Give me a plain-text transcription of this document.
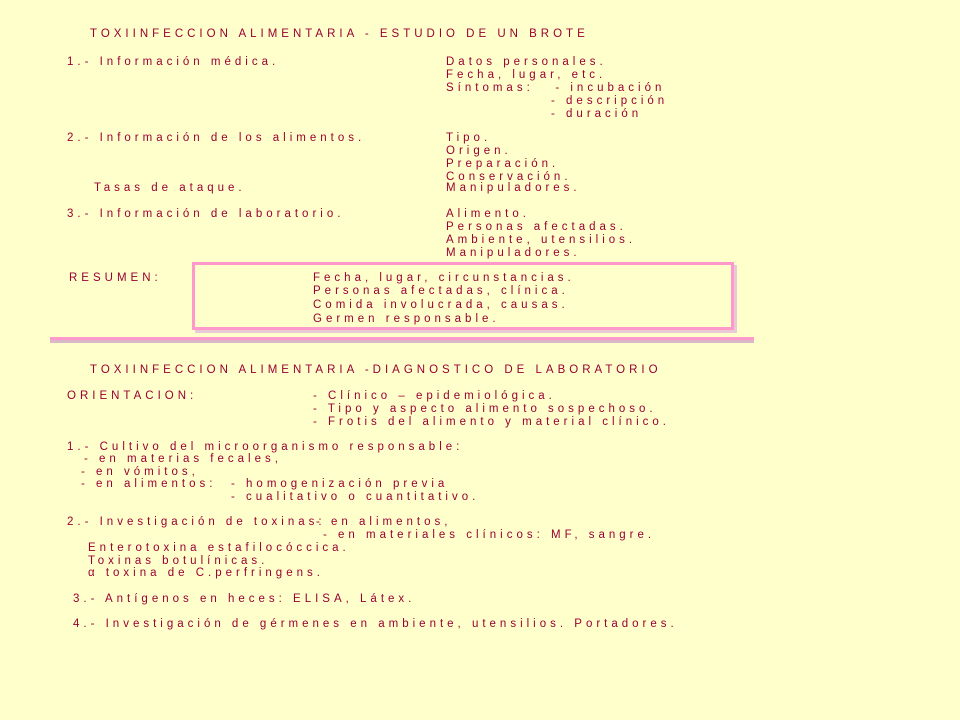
TOXIINFECCION ALIMENTARIA - ESTUDIO DE UN BROTE
1.- Información médica.	Datos personales.
Fecha, lugar, etc.
Síntomas:   - incubación
- descripción
- duración
2.- Información de los alimentos.	Tipo.
Origen.
Preparación.
Conservación.
Tasas de ataque.	Manipuladores.
3.- Información de laboratorio.	Alimento.
Personas afectadas.
Ambiente, utensilios.
Manipuladores.
RESUMEN:	Fecha, lugar, circunstancias.
Personas afectadas, clínica.
Comida involucrada, causas.
Germen responsable.
TOXIINFECCION ALIMENTARIA -DIAGNOSTICO DE LABORATORIO
ORIENTACION:	- Clínico – epidemiológica.
- Tipo y aspecto alimento sospechoso.
- Frotis del alimento y material clínico.
1.- Cultivo del microorganismo responsable:
- en materias fecales,
- en vómitos,
- en alimentos: - homogenización previa
- cualitativo o cuantitativo.
2.- Investigación de toxinas:
- en alimentos,
- en materiales clínicos: MF, sangre.
Enterotoxina estafilocóccica.
Toxinas botulínicas.
α toxina de C.perfringens.
3.- Antígenos en heces: ELISA, Látex.
4.- Investigación de gérmenes en ambiente, utensilios. Portadores.
